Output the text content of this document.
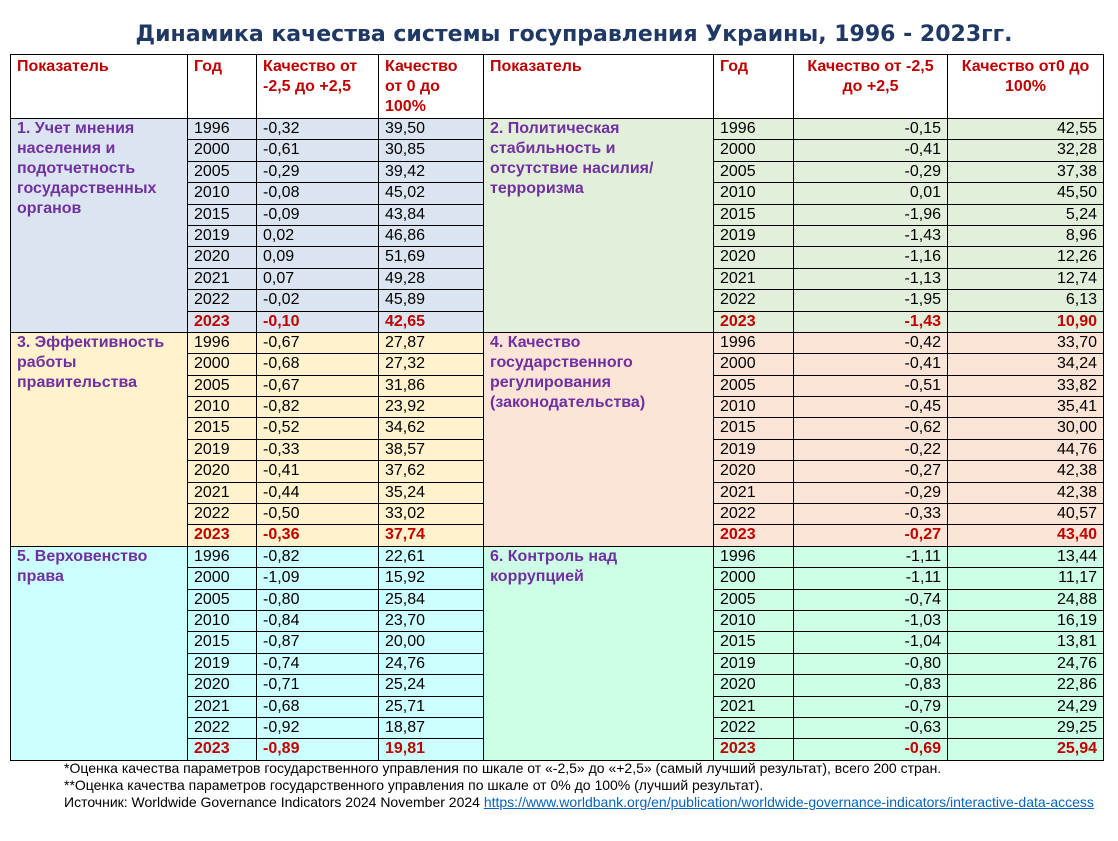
Динамика качества системы госуправления Украины, 1996 - 2023гг.
Показатель	Год	Качество от -2,5 до +2,5	Качество от 0 до 100%	Показатель	Год	Качество от -2,5 до +2,5	Качество от0 до 100%
1. Учет мнения населения и подотчетность государственных органов	1996	-0,32	39,50	2. Политическая стабильность и отсутствие насилия/ терроризма	1996	-0,15	42,55
	2000	-0,61	30,85		2000	-0,41	32,28
	2005	-0,29	39,42		2005	-0,29	37,38
	2010	-0,08	45,02		2010	0,01	45,50
	2015	-0,09	43,84		2015	-1,96	5,24
	2019	0,02	46,86		2019	-1,43	8,96
	2020	0,09	51,69		2020	-1,16	12,26
	2021	0,07	49,28		2021	-1,13	12,74
	2022	-0,02	45,89		2022	-1,95	6,13
	2023	-0,10	42,65		2023	-1,43	10,90
3. Эффективность работы правительства	1996	-0,67	27,87	4. Качество государственного регулирования (законодательства)	1996	-0,42	33,70
	2000	-0,68	27,32		2000	-0,41	34,24
	2005	-0,67	31,86		2005	-0,51	33,82
	2010	-0,82	23,92		2010	-0,45	35,41
	2015	-0,52	34,62		2015	-0,62	30,00
	2019	-0,33	38,57		2019	-0,22	44,76
	2020	-0,41	37,62		2020	-0,27	42,38
	2021	-0,44	35,24		2021	-0,29	42,38
	2022	-0,50	33,02		2022	-0,33	40,57
	2023	-0,36	37,74		2023	-0,27	43,40
5. Верховенство права	1996	-0,82	22,61	6. Контроль над коррупцией	1996	-1,11	13,44
	2000	-1,09	15,92		2000	-1,11	11,17
	2005	-0,80	25,84		2005	-0,74	24,88
	2010	-0,84	23,70		2010	-1,03	16,19
	2015	-0,87	20,00		2015	-1,04	13,81
	2019	-0,74	24,76		2019	-0,80	24,76
	2020	-0,71	25,24		2020	-0,83	22,86
	2021	-0,68	25,71		2021	-0,79	24,29
	2022	-0,92	18,87		2022	-0,63	29,25
	2023	-0,89	19,81		2023	-0,69	25,94
*Оценка качества параметров государственного управления по шкале от «-2,5» до «+2,5» (самый лучший результат), всего 200 стран.
**Оценка качества параметров государственного управления по шкале от 0% до 100% (лучший результат).
Источник: Worldwide Governance Indicators 2024 November 2024 https://www.worldbank.org/en/publication/worldwide-governance-indicators/interactive-data-access
